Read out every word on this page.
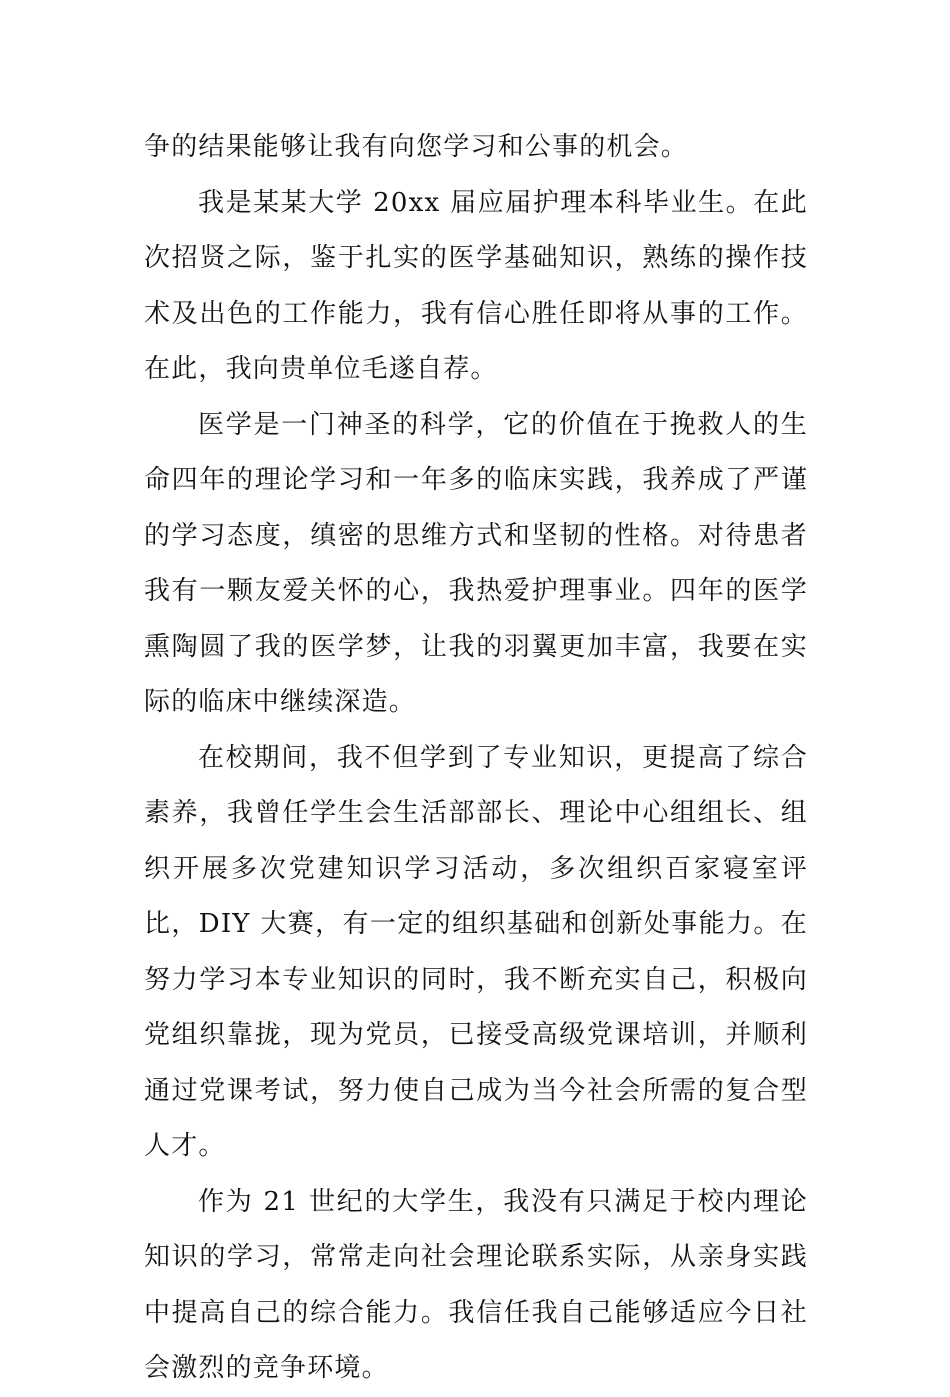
争的结果能够让我有向您学习和公事的机会。

我是某某大学 20xx 届应届护理本科毕业生。在此次招贤之际，鉴于扎实的医学基础知识，熟练的操作技术及出色的工作能力，我有信心胜任即将从事的工作。在此，我向贵单位毛遂自荐。

医学是一门神圣的科学，它的价值在于挽救人的生命四年的理论学习和一年多的临床实践，我养成了严谨的学习态度，缜密的思维方式和坚韧的性格。对待患者我有一颗友爱关怀的心，我热爱护理事业。四年的医学熏陶圆了我的医学梦，让我的羽翼更加丰富，我要在实际的临床中继续深造。

在校期间，我不但学到了专业知识，更提高了综合素养，我曾任学生会生活部部长、理论中心组组长、组织开展多次党建知识学习活动，多次组织百家寝室评比，DIY 大赛，有一定的组织基础和创新处事能力。在努力学习本专业知识的同时，我不断充实自己，积极向党组织靠拢，现为党员，已接受高级党课培训，并顺利通过党课考试，努力使自己成为当今社会所需的复合型人才。

作为 21 世纪的大学生，我没有只满足于校内理论知识的学习，常常走向社会理论联系实际，从亲身实践中提高自己的综合能力。我信任我自己能够适应今日社会激烈的竞争环境。
